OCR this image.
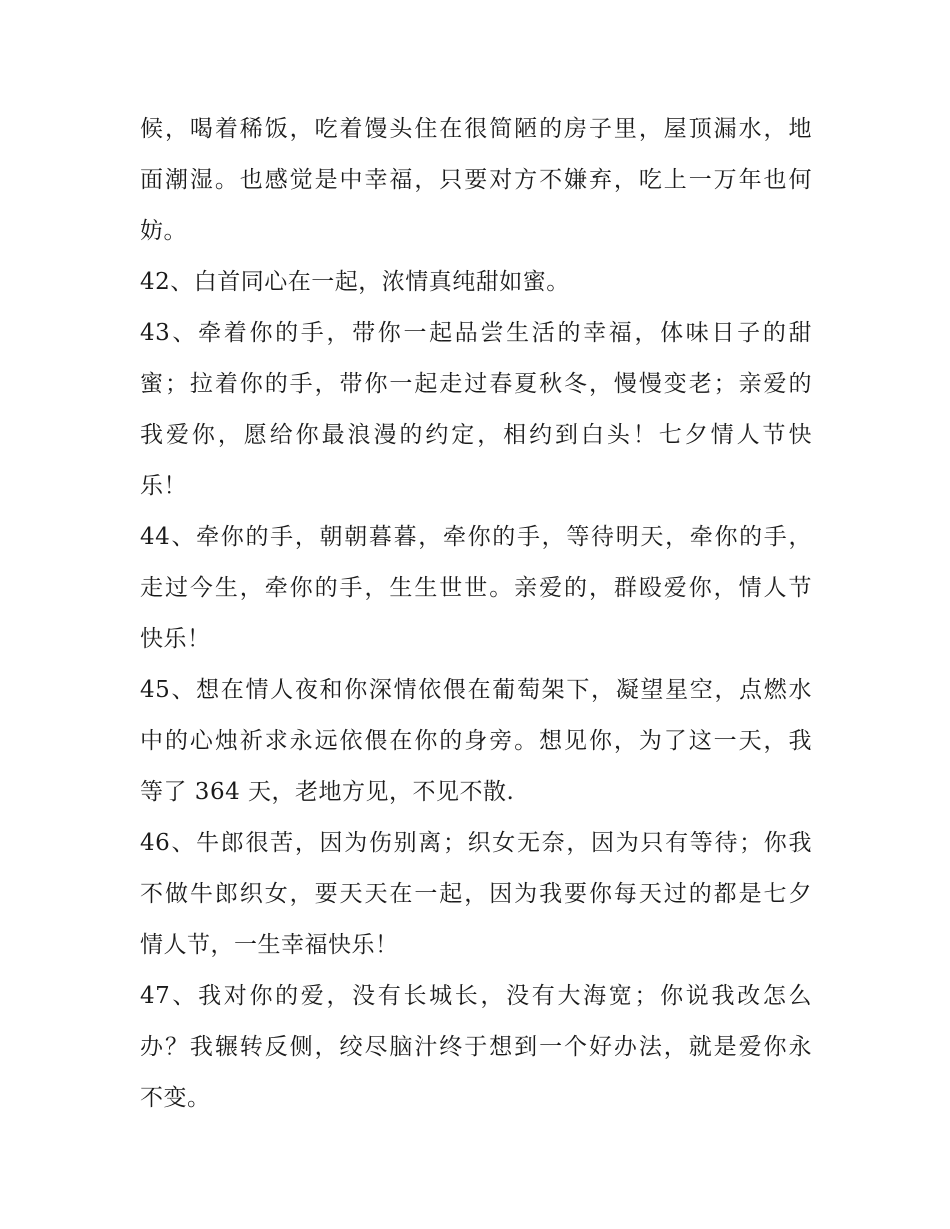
候，喝着稀饭，吃着馒头住在很简陋的房子里，屋顶漏水，地
面潮湿。也感觉是中幸福，只要对方不嫌弃，吃上一万年也何
妨。
42、白首同心在一起，浓情真纯甜如蜜。
43、牵着你的手，带你一起品尝生活的幸福，体味日子的甜
蜜；拉着你的手，带你一起走过春夏秋冬，慢慢变老；亲爱的
我爱你，愿给你最浪漫的约定，相约到白头！七夕情人节快
乐！
44、牵你的手，朝朝暮暮，牵你的手，等待明天，牵你的手，
走过今生，牵你的手，生生世世。亲爱的，群殴爱你，情人节
快乐！
45、想在情人夜和你深情依偎在葡萄架下，凝望星空，点燃水
中的心烛祈求永远依偎在你的身旁。想见你，为了这一天，我
等了 364 天，老地方见，不见不散.
46、牛郎很苦，因为伤别离；织女无奈，因为只有等待；你我
不做牛郎织女，要天天在一起，因为我要你每天过的都是七夕
情人节，一生幸福快乐！
47、我对你的爱，没有长城长，没有大海宽；你说我改怎么
办？我辗转反侧，绞尽脑汁终于想到一个好办法，就是爱你永
不变。
